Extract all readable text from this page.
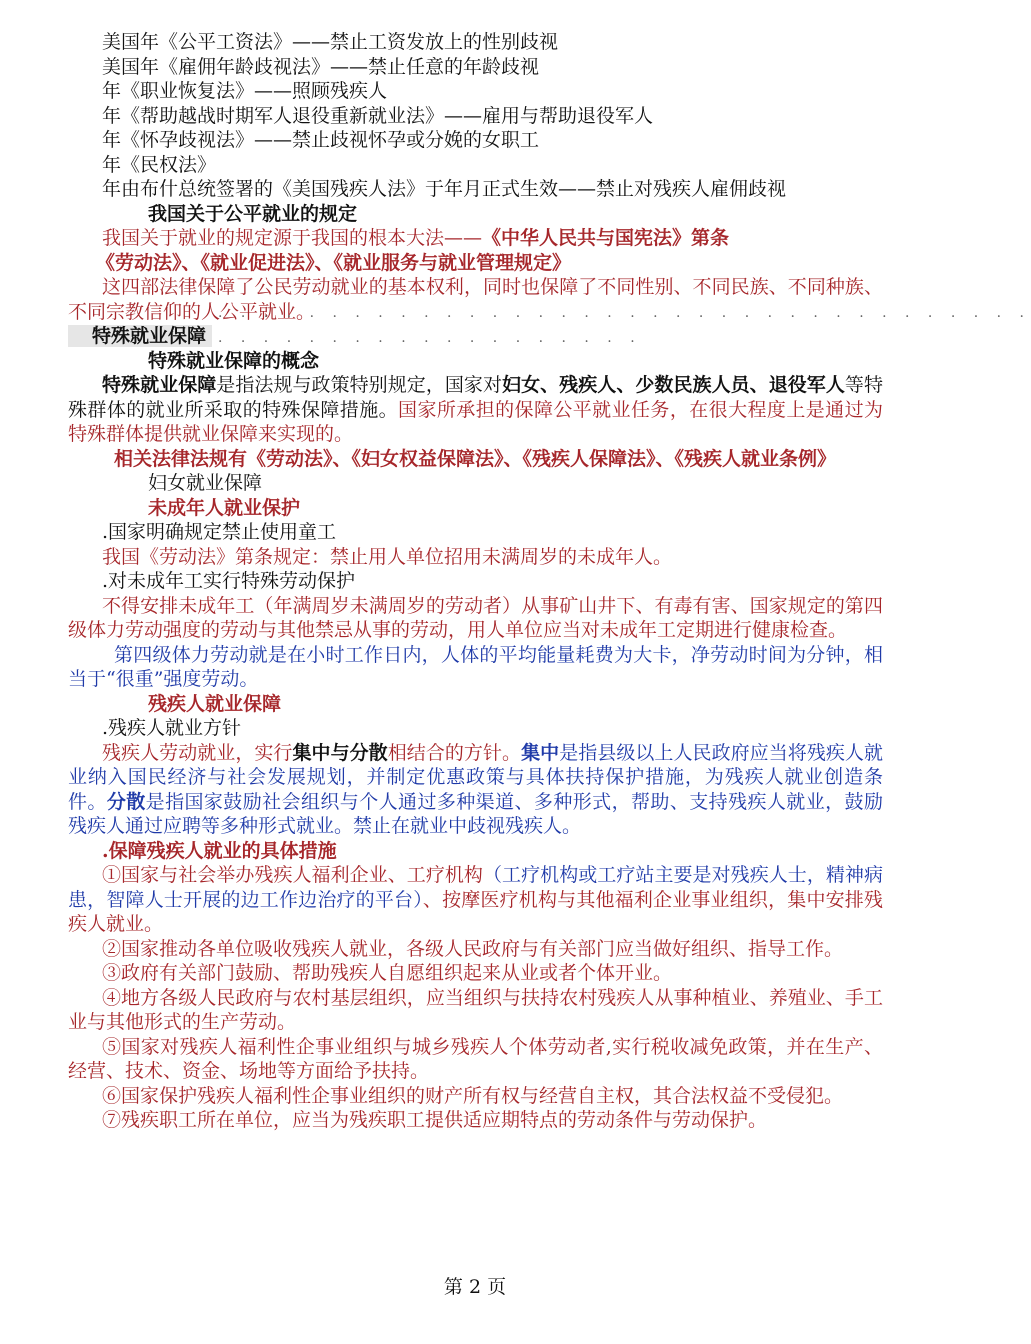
美国年《公平工资法》——禁止工资发放上的性别歧视

美国年《雇佣年龄歧视法》——禁止任意的年龄歧视

年《职业恢复法》——照顾残疾人

年《帮助越战时期军人退役重新就业法》——雇用与帮助退役军人

年《怀孕歧视法》——禁止歧视怀孕或分娩的女职工

年《民权法》

年由布什总统签署的《美国残疾人法》于年月正式生效——禁止对残疾人雇佣歧视

我国关于公平就业的规定

我国关于就业的规定源于我国的根本大法——《中华人民共与国宪法》第条

《劳动法》、《就业促进法》、《就业服务与就业管理规定》

这四部法律保障了公民劳动就业的基本权利，同时也保障了不同性别、不同民族、不同种族、不同宗教信仰的人公平就业。

· · · · · · · · · · · · · · · · · · · · · · · · · · · · · · · · · · · ·

特殊就业保障 · · · · · · · · · · · · · · · · · · ·

特殊就业保障的概念

特殊就业保障是指法规与政策特别规定，国家对妇女、残疾人、少数民族人员、退役军人等特殊群体的就业所采取的特殊保障措施。国家所承担的保障公平就业任务，在很大程度上是通过为特殊群体提供就业保障来实现的。

相关法律法规有《劳动法》、《妇女权益保障法》、《残疾人保障法》、《残疾人就业条例》

妇女就业保障

未成年人就业保护

.国家明确规定禁止使用童工

我国《劳动法》第条规定：禁止用人单位招用未满周岁的未成年人。

.对未成年工实行特殊劳动保护

不得安排未成年工（年满周岁未满周岁的劳动者）从事矿山井下、有毒有害、国家规定的第四级体力劳动强度的劳动与其他禁忌从事的劳动，用人单位应当对未成年工定期进行健康检查。

第四级体力劳动就是在小时工作日内，人体的平均能量耗费为大卡，净劳动时间为分钟，相当于“很重”强度劳动。

残疾人就业保障

.残疾人就业方针

残疾人劳动就业，实行集中与分散相结合的方针。集中是指县级以上人民政府应当将残疾人就业纳入国民经济与社会发展规划，并制定优惠政策与具体扶持保护措施，为残疾人就业创造条件。分散是指国家鼓励社会组织与个人通过多种渠道、多种形式，帮助、支持残疾人就业，鼓励残疾人通过应聘等多种形式就业。禁止在就业中歧视残疾人。

.保障残疾人就业的具体措施

①国家与社会举办残疾人福利企业、工疗机构（工疗机构或工疗站主要是对残疾人士，精神病患，智障人士开展的边工作边治疗的平台）、按摩医疗机构与其他福利企业事业组织，集中安排残疾人就业。

②国家推动各单位吸收残疾人就业，各级人民政府与有关部门应当做好组织、指导工作。

③政府有关部门鼓励、帮助残疾人自愿组织起来从业或者个体开业。

④地方各级人民政府与农村基层组织，应当组织与扶持农村残疾人从事种植业、养殖业、手工业与其他形式的生产劳动。

⑤国家对残疾人福利性企事业组织与城乡残疾人个体劳动者,实行税收减免政策，并在生产、经营、技术、资金、场地等方面给予扶持。

⑥国家保护残疾人福利性企事业组织的财产所有权与经营自主权，其合法权益不受侵犯。

⑦残疾职工所在单位，应当为残疾职工提供适应期特点的劳动条件与劳动保护。

第 2 页
